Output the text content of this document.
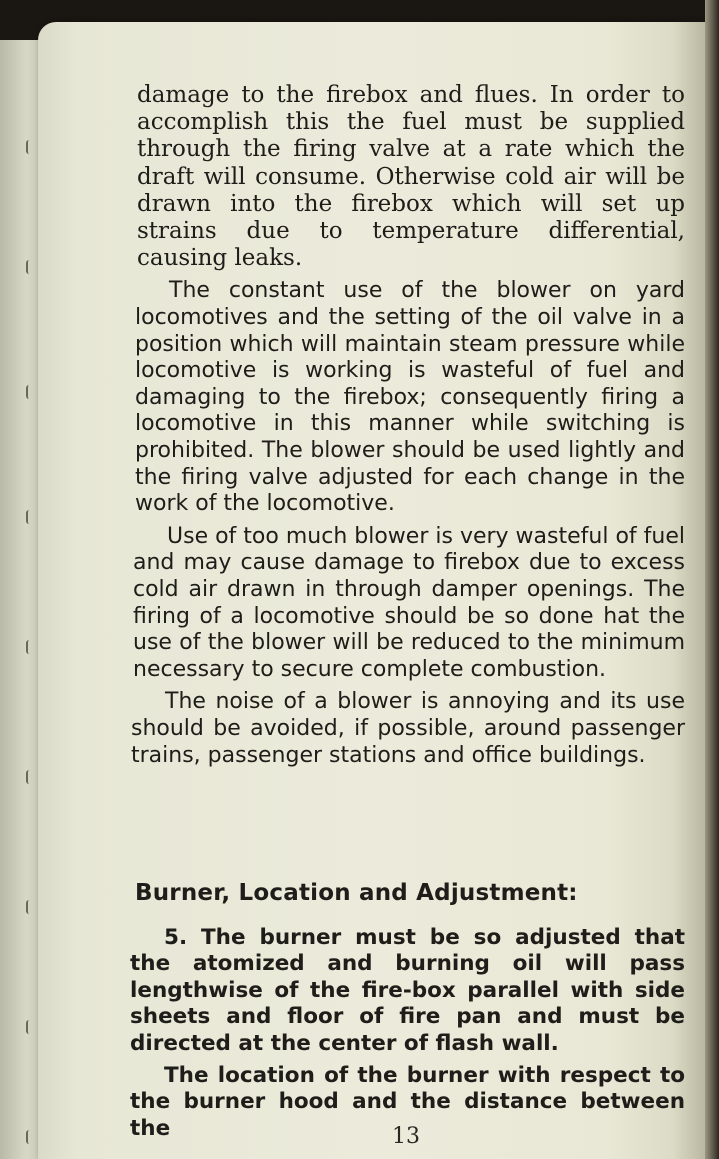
damage to the firebox and flues. In order to accomplish this the fuel must be supplied through the firing valve at a rate which the draft will consume. Otherwise cold air will be drawn into the firebox which will set up strains due to temperature differential, causing leaks.

The constant use of the blower on yard locomotives and the setting of the oil valve in a position which will maintain steam pressure while locomotive is working is wasteful of fuel and damaging to the firebox; consequently firing a locomotive in this manner while switching is prohibited. The blower should be used lightly and the firing valve adjusted for each change in the work of the locomotive.

Use of too much blower is very wasteful of fuel and may cause damage to firebox due to excess cold air drawn in through damper openings. The firing of a locomotive should be so done hat the use of the blower will be reduced to the minimum necessary to secure complete combustion.

The noise of a blower is annoying and its use should be avoided, if possible, around passenger trains, passenger stations and office buildings.

Burner, Location and Adjustment:

5. The burner must be so adjusted that the atomized and burning oil will pass lengthwise of the fire-box parallel with side sheets and floor of fire pan and must be directed at the center of flash wall.

The location of the burner with respect to the burner hood and the distance between the	13
